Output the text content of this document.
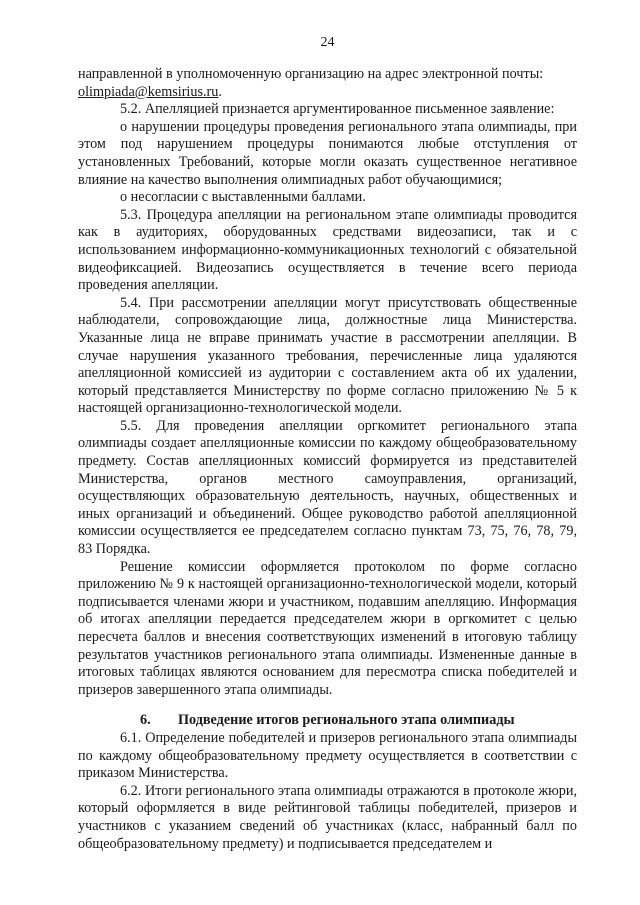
24

направленной в уполномоченную организацию на адрес электронной почты:
olimpiada@kemsirius.ru.

5.2. Апелляцией признается аргументированное письменное заявление:

о нарушении процедуры проведения регионального этапа олимпиады, при этом под нарушением процедуры понимаются любые отступления от установленных Требований, которые могли оказать существенное негативное влияние на качество выполнения олимпиадных работ обучающимися;

о несогласии с выставленными баллами.

5.3. Процедура апелляции на региональном этапе олимпиады проводится как в аудиториях, оборудованных средствами видеозаписи, так и с использованием информационно-коммуникационных технологий с обязательной видеофиксацией. Видеозапись осуществляется в течение всего периода проведения апелляции.

5.4. При рассмотрении апелляции могут присутствовать общественные наблюдатели, сопровождающие лица, должностные лица Министерства. Указанные лица не вправе принимать участие в рассмотрении апелляции. В случае нарушения указанного требования, перечисленные лица удаляются апелляционной комиссией из аудитории с составлением акта об их удалении, который представляется Министерству по форме согласно приложению № 5 к настоящей организационно-технологической модели.

5.5. Для проведения апелляции оргкомитет регионального этапа олимпиады создает апелляционные комиссии по каждому общеобразовательному предмету. Состав апелляционных комиссий формируется из представителей Министерства, органов местного самоуправления, организаций, осуществляющих образовательную деятельность, научных, общественных и иных организаций и объединений. Общее руководство работой апелляционной комиссии осуществляется ее председателем согласно пунктам 73, 75, 76, 78, 79, 83 Порядка.

Решение комиссии оформляется протоколом по форме согласно приложению № 9 к настоящей организационно-технологической модели, который подписывается членами жюри и участником, подавшим апелляцию. Информация об итогах апелляции передается председателем жюри в оргкомитет с целью пересчета баллов и внесения соответствующих изменений в итоговую таблицу результатов участников регионального этапа олимпиады. Измененные данные в итоговых таблицах являются основанием для пересмотра списка победителей и призеров завершенного этапа олимпиады.

6. Подведение итогов регионального этапа олимпиады

6.1. Определение победителей и призеров регионального этапа олимпиады по каждому общеобразовательному предмету осуществляется в соответствии с приказом Министерства.

6.2. Итоги регионального этапа олимпиады отражаются в протоколе жюри, который оформляется в виде рейтинговой таблицы победителей, призеров и участников с указанием сведений об участниках (класс, набранный балл по общеобразовательному предмету) и подписывается председателем и
